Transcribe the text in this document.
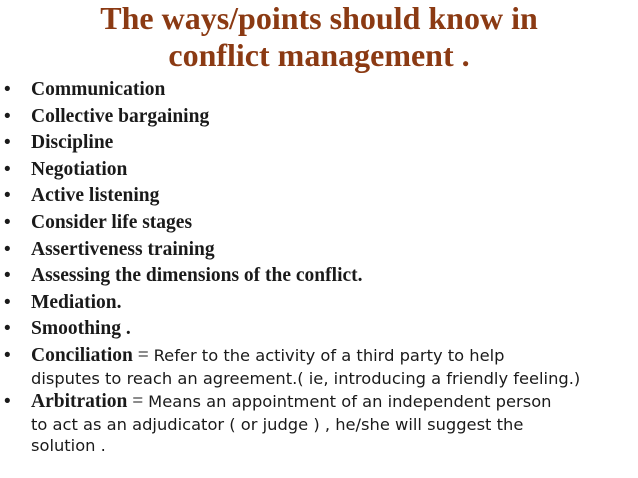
The ways/points should know in
conflict management .
• Communication
• Collective bargaining
• Discipline
• Negotiation
• Active listening
• Consider life stages
• Assertiveness training
• Assessing the dimensions of the conflict.
• Mediation.
• Smoothing .
• Conciliation = Refer to the activity of a third party to help
disputes to reach an agreement.( ie, introducing a friendly feeling.)
• Arbitration = Means an appointment of an independent person
to act as an adjudicator ( or judge ) , he/she will suggest the
solution .
